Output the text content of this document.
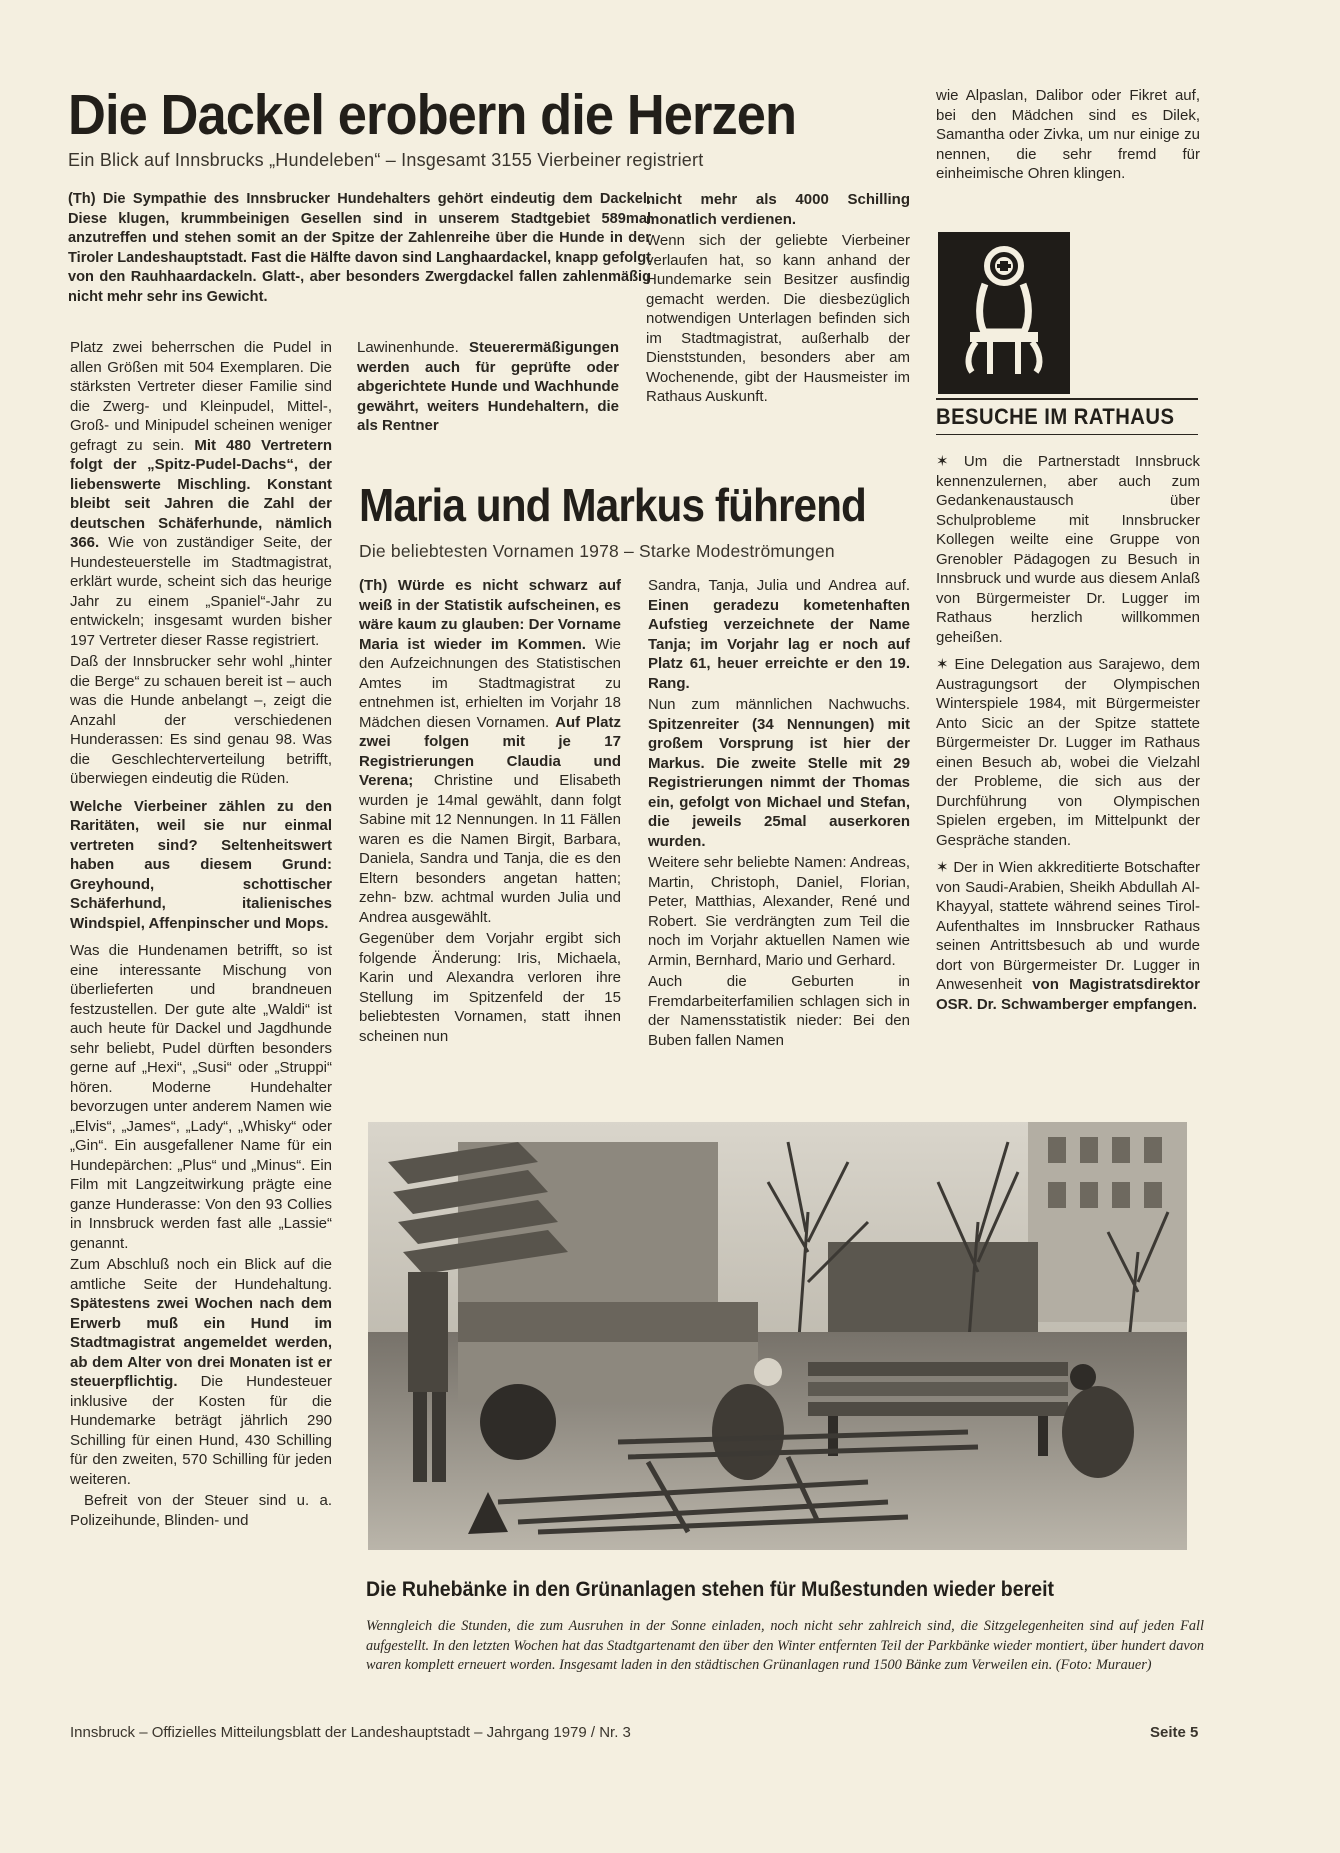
Die Dackel erobern die Herzen
Ein Blick auf Innsbrucks „Hundeleben“ – Insgesamt 3155 Vierbeiner registriert
(Th) Die Sympathie des Innsbrucker Hundehalters gehört eindeutig dem Dackel. Diese klugen, krummbeinigen Gesellen sind in unserem Stadtgebiet 589mal anzutreffen und stehen somit an der Spitze der Zahlenreihe über die Hunde in der Tiroler Landeshauptstadt. Fast die Hälfte davon sind Langhaardackel, knapp gefolgt von den Rauhhaardackeln. Glatt-, aber besonders Zwergdackel fallen zahlenmäßig nicht mehr sehr ins Gewicht.

Platz zwei beherrschen die Pudel in allen Größen mit 504 Exemplaren. Die stärksten Vertreter dieser Familie sind die Zwerg- und Kleinpudel, Mittel-, Groß- und Minipudel scheinen weniger gefragt zu sein. Mit 480 Vertretern folgt der „Spitz-Pudel-Dachs“, der liebenswerte Mischling. Konstant bleibt seit Jahren die Zahl der deutschen Schäferhunde, nämlich 366. Wie von zuständiger Seite, der Hundesteuerstelle im Stadtmagistrat, erklärt wurde, scheint sich das heurige Jahr zu einem „Spaniel“-Jahr zu entwickeln; insgesamt wurden bisher 197 Vertreter dieser Rasse registriert.

Daß der Innsbrucker sehr wohl „hinter die Berge“ zu schauen bereit ist – auch was die Hunde anbelangt –, zeigt die Anzahl der verschiedenen Hunderassen: Es sind genau 98. Was die Geschlechterverteilung betrifft, überwiegen eindeutig die Rüden.

Welche Vierbeiner zählen zu den Raritäten, weil sie nur einmal vertreten sind? Seltenheitswert haben aus diesem Grund: Greyhound, schottischer Schäferhund, italienisches Windspiel, Affenpinscher und Mops.

Was die Hundenamen betrifft, so ist eine interessante Mischung von überlieferten und brandneuen festzustellen. Der gute alte „Waldi“ ist auch heute für Dackel und Jagdhunde sehr beliebt, Pudel dürften besonders gerne auf „Hexi“, „Susi“ oder „Struppi“ hören. Moderne Hundehalter bevorzugen unter anderem Namen wie „Elvis“, „James“, „Lady“, „Whisky“ oder „Gin“. Ein ausgefallener Name für ein Hundepärchen: „Plus“ und „Minus“. Ein Film mit Langzeitwirkung prägte eine ganze Hunderasse: Von den 93 Collies in Innsbruck werden fast alle „Lassie“ genannt.

Zum Abschluß noch ein Blick auf die amtliche Seite der Hundehaltung. Spätestens zwei Wochen nach dem Erwerb muß ein Hund im Stadtmagistrat angemeldet werden, ab dem Alter von drei Monaten ist er steuerpflichtig. Die Hundesteuer inklusive der Kosten für die Hundemarke beträgt jährlich 290 Schilling für einen Hund, 430 Schilling für den zweiten, 570 Schilling für jeden weiteren.

Befreit von der Steuer sind u. a. Polizeihunde, Blinden- und

Lawinenhunde. Steuerermäßigungen werden auch für geprüfte oder abgerichtete Hunde und Wachhunde gewährt, weiters Hundehaltern, die als Rentner

nicht mehr als 4000 Schilling monatlich verdienen.

Wenn sich der geliebte Vierbeiner verlaufen hat, so kann anhand der Hundemarke sein Besitzer ausfindig gemacht werden. Die diesbezüglich notwendigen Unterlagen befinden sich im Stadtmagistrat, außerhalb der Dienststunden, besonders aber am Wochenende, gibt der Hausmeister im Rathaus Auskunft.

Maria und Markus führend
Die beliebtesten Vornamen 1978 – Starke Modeströmungen

(Th) Würde es nicht schwarz auf weiß in der Statistik aufscheinen, es wäre kaum zu glauben: Der Vorname Maria ist wieder im Kommen. Wie den Aufzeichnungen des Statistischen Amtes im Stadtmagistrat zu entnehmen ist, erhielten im Vorjahr 18 Mädchen diesen Vornamen. Auf Platz zwei folgen mit je 17 Registrierungen Claudia und Verena; Christine und Elisabeth wurden je 14mal gewählt, dann folgt Sabine mit 12 Nennungen. In 11 Fällen waren es die Namen Birgit, Barbara, Daniela, Sandra und Tanja, die es den Eltern besonders angetan hatten; zehn- bzw. achtmal wurden Julia und Andrea ausgewählt.

Gegenüber dem Vorjahr ergibt sich folgende Änderung: Iris, Michaela, Karin und Alexandra verloren ihre Stellung im Spitzenfeld der 15 beliebtesten Vornamen, statt ihnen scheinen nun

Sandra, Tanja, Julia und Andrea auf. Einen geradezu kometenhaften Aufstieg verzeichnete der Name Tanja; im Vorjahr lag er noch auf Platz 61, heuer erreichte er den 19. Rang.

Nun zum männlichen Nachwuchs. Spitzenreiter (34 Nennungen) mit großem Vorsprung ist hier der Markus. Die zweite Stelle mit 29 Registrierungen nimmt der Thomas ein, gefolgt von Michael und Stefan, die jeweils 25mal auserkoren wurden.

Weitere sehr beliebte Namen: Andreas, Martin, Christoph, Daniel, Florian, Peter, Matthias, Alexander, René und Robert. Sie verdrängten zum Teil die noch im Vorjahr aktuellen Namen wie Armin, Bernhard, Mario und Gerhard.

Auch die Geburten in Fremdarbeiterfamilien schlagen sich in der Namensstatistik nieder: Bei den Buben fallen Namen

wie Alpaslan, Dalibor oder Fikret auf, bei den Mädchen sind es Dilek, Samantha oder Zivka, um nur einige zu nennen, die sehr fremd für einheimische Ohren klingen.

BESUCHE IM RATHAUS

✶ Um die Partnerstadt Innsbruck kennenzulernen, aber auch zum Gedankenaustausch über Schulprobleme mit Innsbrucker Kollegen weilte eine Gruppe von Grenobler Pädagogen zu Besuch in Innsbruck und wurde aus diesem Anlaß von Bürgermeister Dr. Lugger im Rathaus herzlich willkommen geheißen.

✶ Eine Delegation aus Sarajewo, dem Austragungsort der Olympischen Winterspiele 1984, mit Bürgermeister Anto Sicic an der Spitze stattete Bürgermeister Dr. Lugger im Rathaus einen Besuch ab, wobei die Vielzahl der Probleme, die sich aus der Durchführung von Olympischen Spielen ergeben, im Mittelpunkt der Gespräche standen.

✶ Der in Wien akkreditierte Botschafter von Saudi-Arabien, Sheikh Abdullah Al-Khayyal, stattete während seines Tirol-Aufenthaltes im Innsbrucker Rathaus seinen Antrittsbesuch ab und wurde dort von Bürgermeister Dr. Lugger in Anwesenheit von Magistratsdirektor OSR. Dr. Schwamberger empfangen.

Die Ruhebänke in den Grünanlagen stehen für Mußestunden wieder bereit
Wenngleich die Stunden, die zum Ausruhen in der Sonne einladen, noch nicht sehr zahlreich sind, die Sitzgelegenheiten sind auf jeden Fall aufgestellt. In den letzten Wochen hat das Stadtgartenamt den über den Winter entfernten Teil der Parkbänke wieder montiert, über hundert davon waren komplett erneuert worden. Insgesamt laden in den städtischen Grünanlagen rund 1500 Bänke zum Verweilen ein. (Foto: Murauer)
Innsbruck – Offizielles Mitteilungsblatt der Landeshauptstadt – Jahrgang 1979 / Nr. 3	Seite 5
